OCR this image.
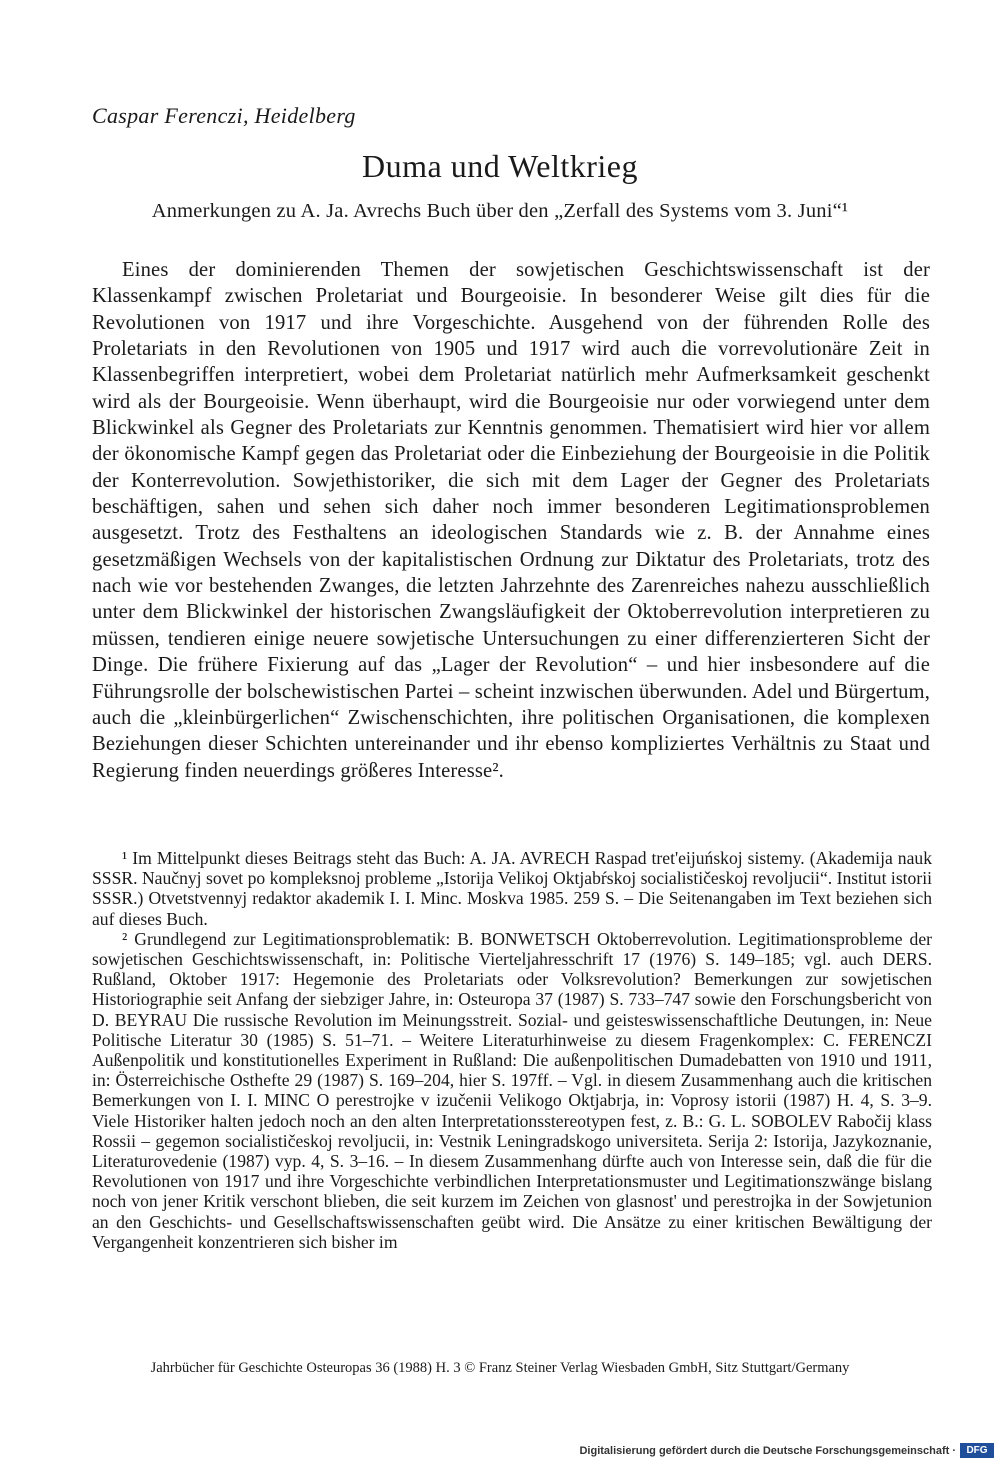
Caspar Ferenczi, Heidelberg
Duma und Weltkrieg
Anmerkungen zu A. Ja. Avrechs Buch über den „Zerfall des Systems vom 3. Juni“¹

Eines der dominierenden Themen der sowjetischen Geschichtswissenschaft ist der Klassenkampf zwischen Proletariat und Bourgeoisie. In besonderer Weise gilt dies für die Revolutionen von 1917 und ihre Vorgeschichte. Ausgehend von der führenden Rolle des Proletariats in den Revolutionen von 1905 und 1917 wird auch die vorrevolutionäre Zeit in Klassenbegriffen interpretiert, wobei dem Proletariat natürlich mehr Aufmerksamkeit geschenkt wird als der Bourgeoisie. Wenn überhaupt, wird die Bourgeoisie nur oder vorwiegend unter dem Blickwinkel als Gegner des Proletariats zur Kenntnis genommen. Thematisiert wird hier vor allem der ökonomische Kampf gegen das Proletariat oder die Einbeziehung der Bourgeoisie in die Politik der Konterrevolution. Sowjethistoriker, die sich mit dem Lager der Gegner des Proletariats beschäftigen, sahen und sehen sich daher noch immer besonderen Legitimationsproblemen ausgesetzt. Trotz des Festhaltens an ideologischen Standards wie z. B. der Annahme eines gesetzmäßigen Wechsels von der kapitalistischen Ordnung zur Diktatur des Proletariats, trotz des nach wie vor bestehenden Zwanges, die letzten Jahrzehnte des Zarenreiches nahezu ausschließlich unter dem Blickwinkel der historischen Zwangsläufigkeit der Oktoberrevolution interpretieren zu müssen, tendieren einige neuere sowjetische Untersuchungen zu einer differenzierteren Sicht der Dinge. Die frühere Fixierung auf das „Lager der Revolution“ – und hier insbesondere auf die Führungsrolle der bolschewistischen Partei – scheint inzwischen überwunden. Adel und Bürgertum, auch die „kleinbürgerlichen“ Zwischenschichten, ihre politischen Organisationen, die komplexen Beziehungen dieser Schichten untereinander und ihr ebenso kompliziertes Verhältnis zu Staat und Regierung finden neuerdings größeres Interesse².

¹ Im Mittelpunkt dieses Beitrags steht das Buch: A. JA. AVRECH Raspad tret'eijuńskoj sistemy. (Akademija nauk SSSR. Naučnyj sovet po kompleksnoj probleme „Istorija Velikoj Oktjabŕskoj socialističeskoj revoljucii“. Institut istorii SSSR.) Otvetstvennyj redaktor akademik I. I. Minc. Moskva 1985. 259 S. – Die Seitenangaben im Text beziehen sich auf dieses Buch.

² Grundlegend zur Legitimationsproblematik: B. BONWETSCH Oktoberrevolution. Legitimationsprobleme der sowjetischen Geschichtswissenschaft, in: Politische Vierteljahresschrift 17 (1976) S. 149–185; vgl. auch DERS. Rußland, Oktober 1917: Hegemonie des Proletariats oder Volksrevolution? Bemerkungen zur sowjetischen Historiographie seit Anfang der siebziger Jahre, in: Osteuropa 37 (1987) S. 733–747 sowie den Forschungsbericht von D. BEYRAU Die russische Revolution im Meinungsstreit. Sozial- und geisteswissenschaftliche Deutungen, in: Neue Politische Literatur 30 (1985) S. 51–71. – Weitere Literaturhinweise zu diesem Fragenkomplex: C. FERENCZI Außenpolitik und konstitutionelles Experiment in Rußland: Die außenpolitischen Dumadebatten von 1910 und 1911, in: Österreichische Osthefte 29 (1987) S. 169–204, hier S. 197ff. – Vgl. in diesem Zusammenhang auch die kritischen Bemerkungen von I. I. MINC O perestrojke v izučenii Velikogo Oktjabrja, in: Voprosy istorii (1987) H. 4, S. 3–9. Viele Historiker halten jedoch noch an den alten Interpretationsstereotypen fest, z. B.: G. L. SOBOLEV Rabočij klass Rossii – gegemon socialističeskoj revoljucii, in: Vestnik Leningradskogo universiteta. Serija 2: Istorija, Jazykoznanie, Literaturovedenie (1987) vyp. 4, S. 3–16. – In diesem Zusammenhang dürfte auch von Interesse sein, daß die für die Revolutionen von 1917 und ihre Vorgeschichte verbindlichen Interpretationsmuster und Legitimationszwänge bislang noch von jener Kritik verschont blieben, die seit kurzem im Zeichen von glasnost' und perestrojka in der Sowjetunion an den Geschichts- und Gesellschaftswissenschaften geübt wird. Die Ansätze zu einer kritischen Bewältigung der Vergangenheit konzentrieren sich bisher im

Jahrbücher für Geschichte Osteuropas 36 (1988) H. 3 © Franz Steiner Verlag Wiesbaden GmbH, Sitz Stuttgart/Germany
Digitalisierung gefördert durch die Deutsche Forschungsgemeinschaft ·	DFG
